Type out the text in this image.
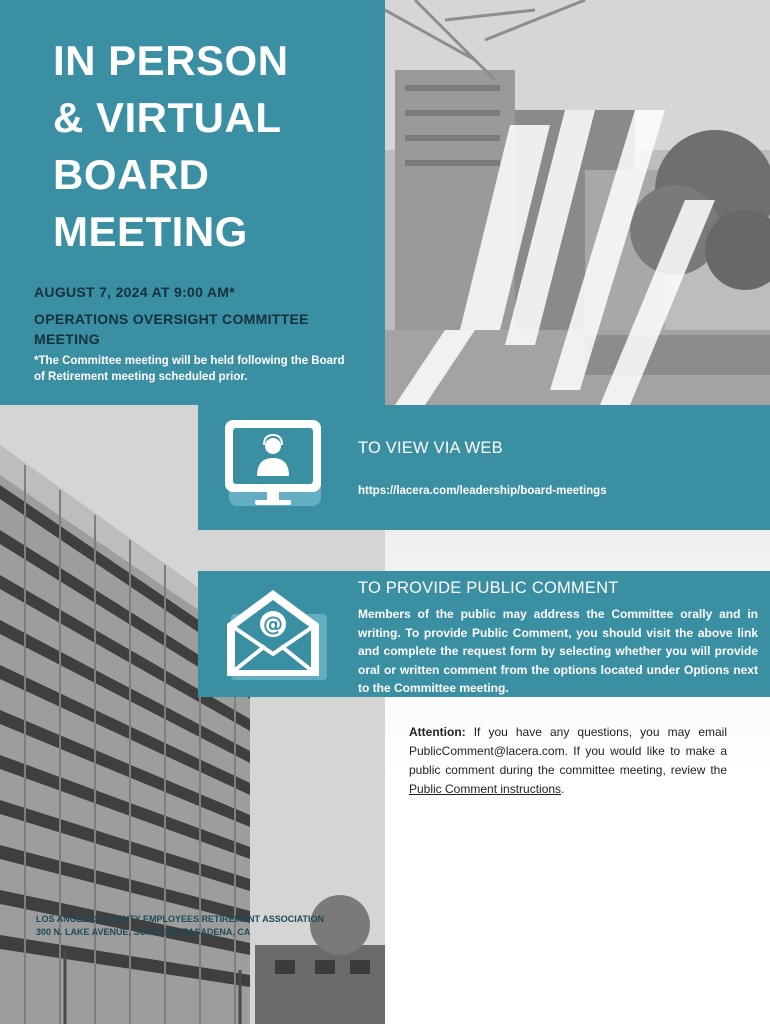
IN PERSON
& VIRTUAL
BOARD
MEETING
AUGUST 7, 2024 AT 9:00 AM*
OPERATIONS OVERSIGHT COMMITTEE MEETING
*The Committee meeting will be held following the Board of Retirement meeting scheduled prior.
TO VIEW VIA WEB
https://lacera.com/leadership/board-meetings
@
TO PROVIDE PUBLIC COMMENT
Members of the public may address the Committee orally and in writing. To provide Public Comment, you should visit the above link and complete the request form by selecting whether you will provide oral or written comment from the options located under Options next to the Committee meeting.
Attention: If you have any questions, you may email PublicComment@lacera.com. If you would like to make a public comment during the committee meeting, review the Public Comment instructions.
LOS ANGELES COUNTY EMPLOYEES RETIREMENT ASSOCIATION
300 N. LAKE AVENUE, SUITE 650, PASADENA, CA
